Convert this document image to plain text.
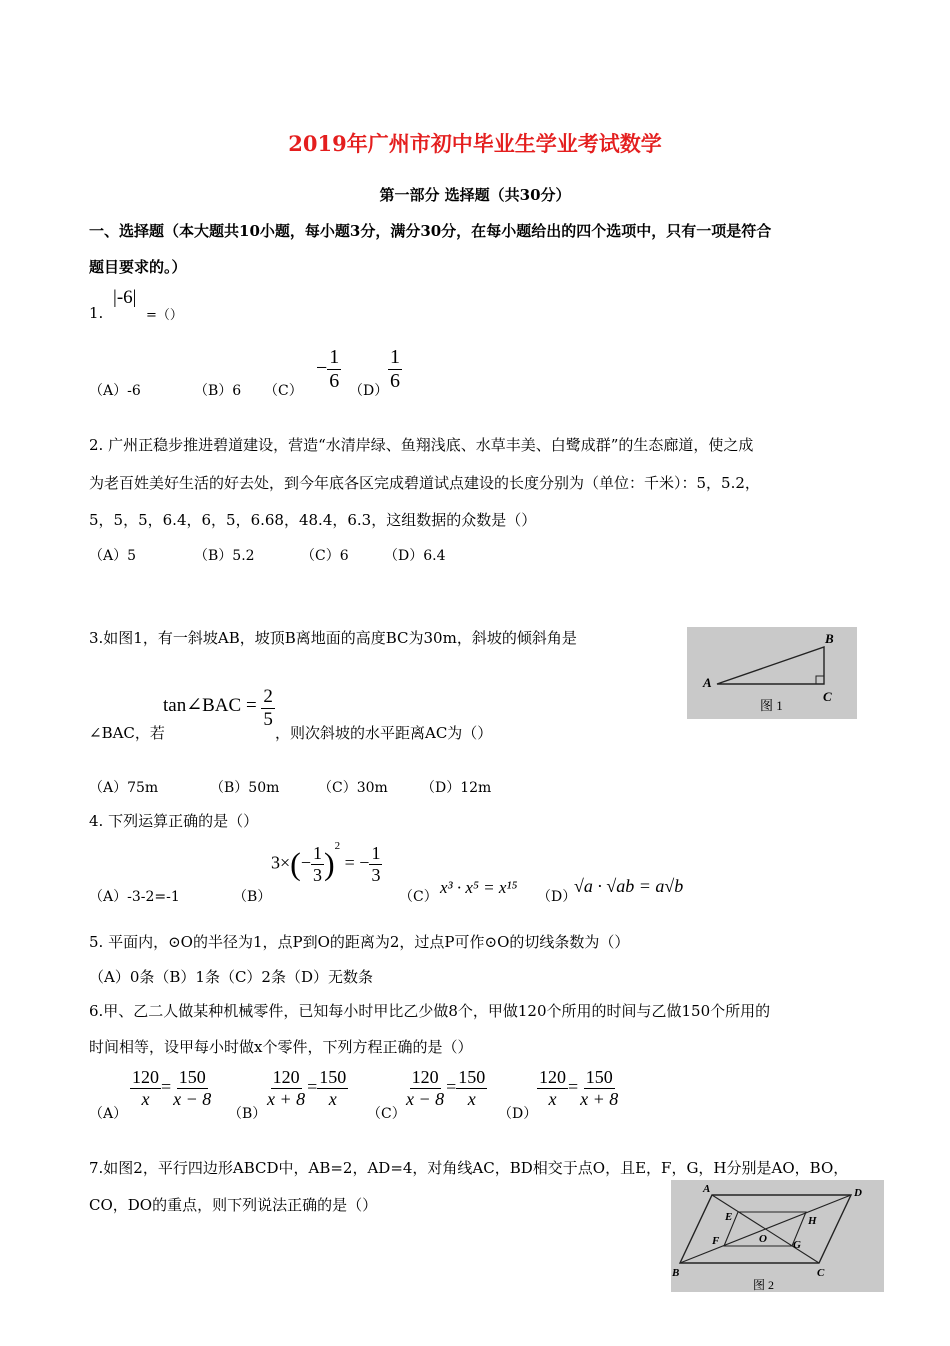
2019年广州市初中毕业生学业考试数学
第一部分 选择题（共30分）
一、选择题（本大题共10小题，每小题3分，满分30分，在每小题给出的四个选项中，只有一项是符合
题目要求的。）
1.
|-6|
=（）
（A）-6	（B）6 （C）
− $\frac{1}{6} (D) \frac{1}{6}$
2. 广州正稳步推进碧道建设，营造“水清岸绿、鱼翔浅底、水草丰美、白鹭成群”的生态廊道，使之成
为老百姓美好生活的好去处，到今年底各区完成碧道试点建设的长度分别为（单位：千米）：5，5.2，
5，5，5，6.4，6，5，6.68，48.4，6.3，这组数据的众数是（）
（A）5	（B）5.2	（C）6	（D）6.4
3.如图1，有一斜坡AB，坡顶B离地面的高度BC为30m，斜坡的倾斜角是
tan∠BAC = $\frac{2}{5}$
∠BAC，若	，则次斜坡的水平距离AC为（）
（A）75m	（B）50m	（C）30m （D）12m
A
B
C
图 1
4. 下列运算正确的是（）
（A）-3-2=-1	（B）
$3\times(- \frac{1}{3} )^2$ = − $\frac{1}{3}$
（C） x³ · x⁵ = x¹⁵ （D）
√a · √ab = a√b
5. 平面内，⊙O的半径为1，点P到O的距离为2，过点P可作⊙O的切线条数为（）
（A）0条（B）1条（C）2条（D）无数条
6.甲、乙二人做某种机械零件，已知每小时甲比乙少做8个，甲做120个所用的时间与乙做150个所用的
时间相等，设甲每小时做x个零件，下列方程正确的是（）
（A）
$\frac{120}{x} = \frac{150}{x - 8}$
（B）
$\frac{120}{x + 8} = \frac{150}{x}$
（C）
$\frac{120}{x - 8} = \frac{150}{x}$
（D）
$\frac{120}{x} = \frac{150}{x + 8}$
7.如图2，平行四边形ABCD中，AB=2，AD=4，对角线AC，BD相交于点O，且E，F，G，H分别是AO，BO，
CO，DO的重点，则下列说法正确的是（）
A	D
B	C
E
F	G
H
O
图 2
